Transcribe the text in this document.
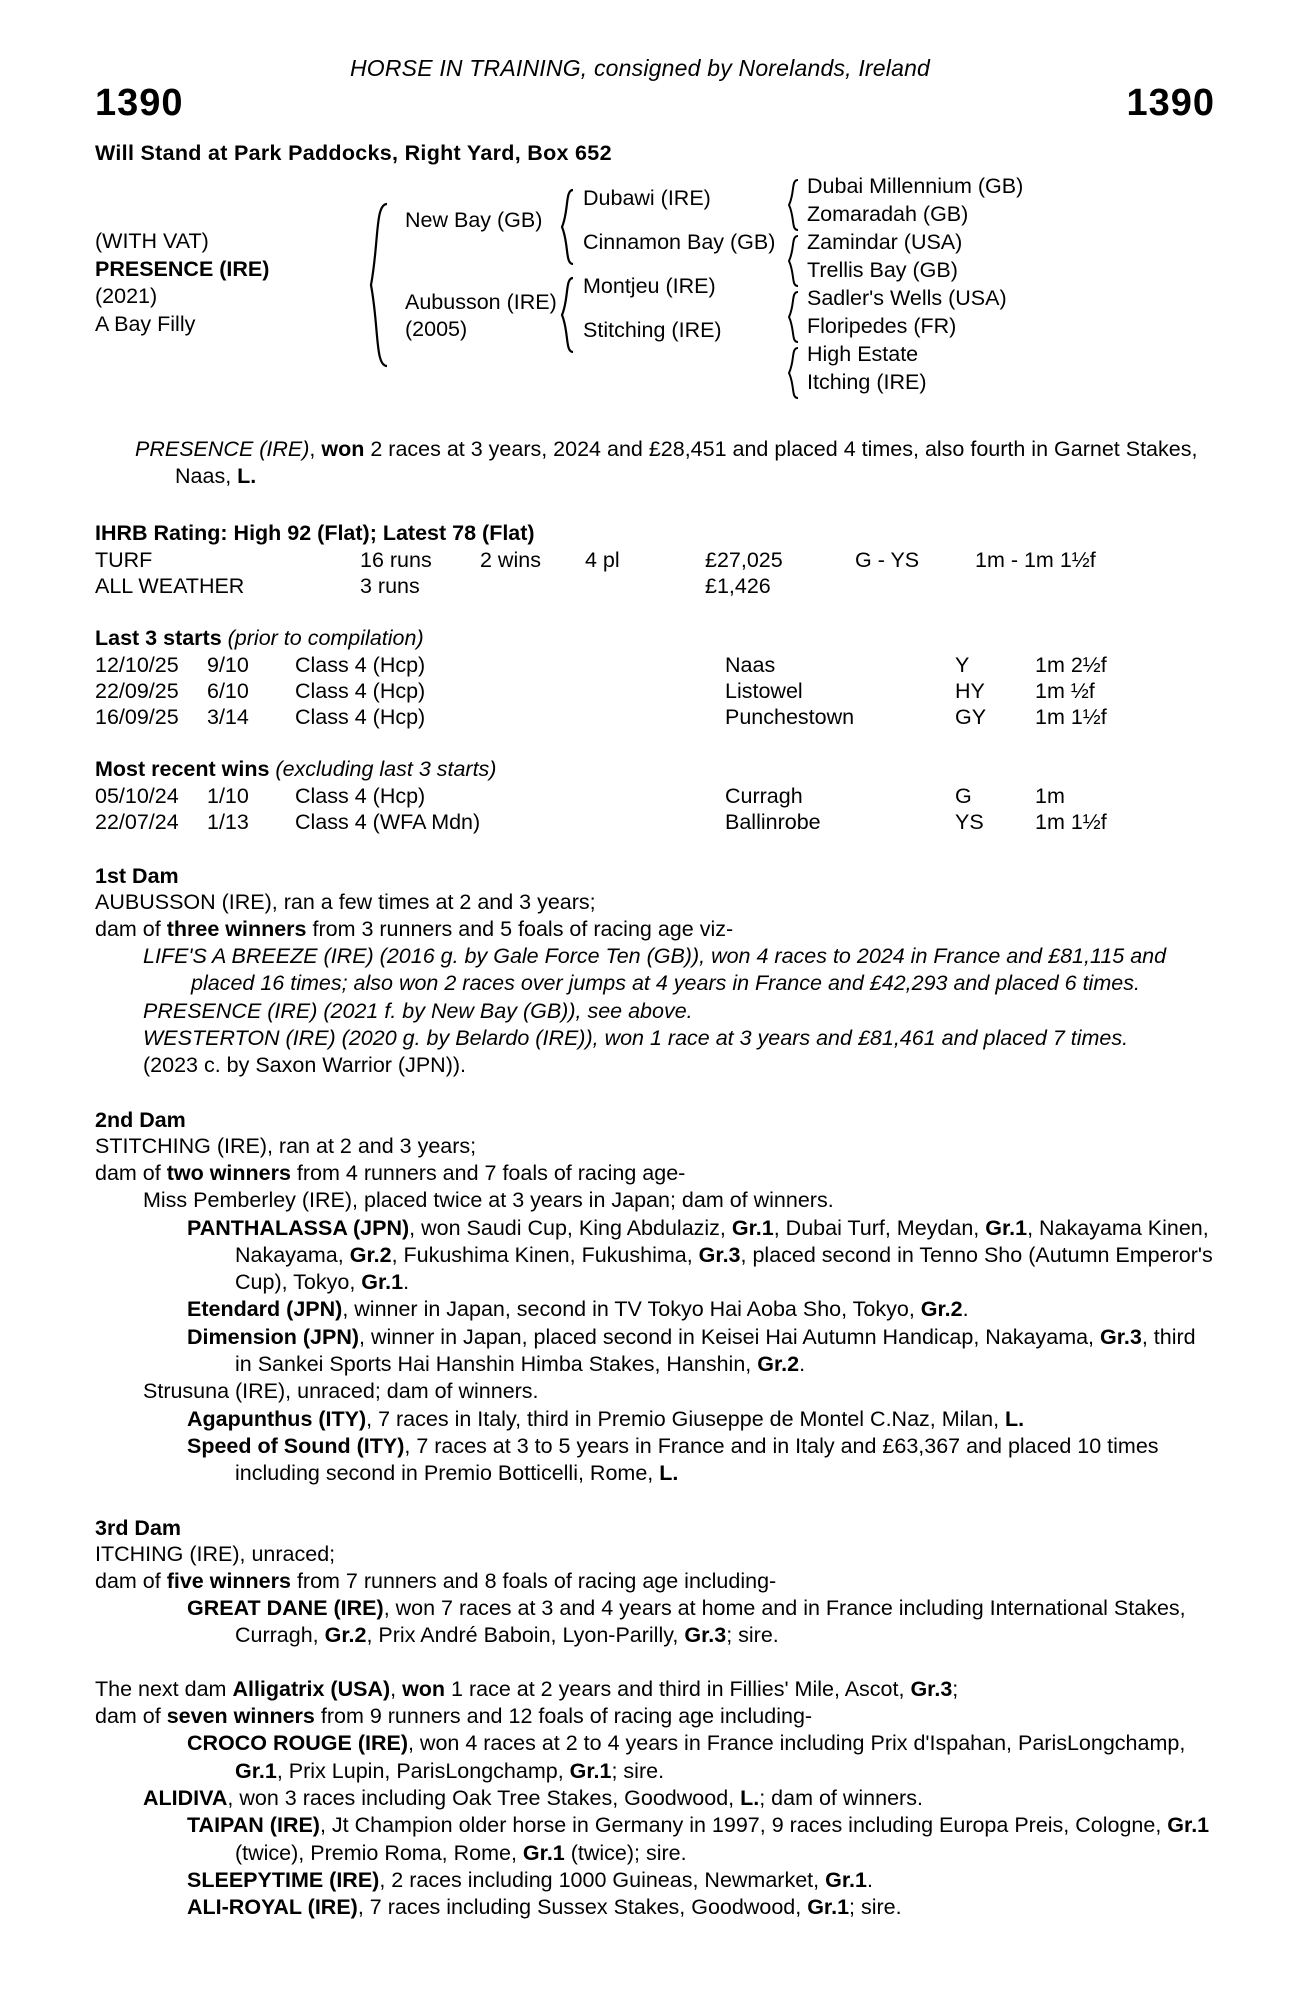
HORSE IN TRAINING, consigned by Norelands, Ireland
1390	1390
Will Stand at Park Paddocks, Right Yard, Box 652
(WITH VAT)
PRESENCE (IRE)
(2021)
A Bay Filly
New Bay (GB)
Aubusson (IRE)
(2005)
Dubawi (IRE)
Cinnamon Bay (GB)
Montjeu (IRE)
Stitching (IRE)
Dubai Millennium (GB)
Zomaradah (GB)
Zamindar (USA)
Trellis Bay (GB)
Sadler's Wells (USA)
Floripedes (FR)
High Estate
Itching (IRE)
PRESENCE (IRE), won 2 races at 3 years, 2024 and £28,451 and placed 4 times, also fourth in Garnet Stakes, Naas, L.
IHRB Rating: High 92 (Flat); Latest 78 (Flat)
TURF	16 runs	2 wins	4 pl	£27,025	G - YS	1m - 1m 1½f
ALL WEATHER	3 runs			£1,426		
Last 3 starts (prior to compilation)
12/10/25	9/10	Class 4 (Hcp)	Naas	Y	1m 2½f
22/09/25	6/10	Class 4 (Hcp)	Listowel	HY	1m ½f
16/09/25	3/14	Class 4 (Hcp)	Punchestown	GY	1m 1½f
Most recent wins (excluding last 3 starts)
05/10/24	1/10	Class 4 (Hcp)	Curragh	G	1m
22/07/24	1/13	Class 4 (WFA Mdn)	Ballinrobe	YS	1m 1½f
1st Dam
AUBUSSON (IRE), ran a few times at 2 and 3 years;
dam of three winners from 3 runners and 5 foals of racing age viz-
LIFE'S A BREEZE (IRE) (2016 g. by Gale Force Ten (GB)), won 4 races to 2024 in France and £81,115 and placed 16 times; also won 2 races over jumps at 4 years in France and £42,293 and placed 6 times.
PRESENCE (IRE) (2021 f. by New Bay (GB)), see above.
WESTERTON (IRE) (2020 g. by Belardo (IRE)), won 1 race at 3 years and £81,461 and placed 7 times.
(2023 c. by Saxon Warrior (JPN)).
2nd Dam
STITCHING (IRE), ran at 2 and 3 years;
dam of two winners from 4 runners and 7 foals of racing age-
Miss Pemberley (IRE), placed twice at 3 years in Japan; dam of winners.
PANTHALASSA (JPN), won Saudi Cup, King Abdulaziz, Gr.1, Dubai Turf, Meydan, Gr.1, Nakayama Kinen, Nakayama, Gr.2, Fukushima Kinen, Fukushima, Gr.3, placed second in Tenno Sho (Autumn Emperor's Cup), Tokyo, Gr.1.
Etendard (JPN), winner in Japan, second in TV Tokyo Hai Aoba Sho, Tokyo, Gr.2.
Dimension (JPN), winner in Japan, placed second in Keisei Hai Autumn Handicap, Nakayama, Gr.3, third in Sankei Sports Hai Hanshin Himba Stakes, Hanshin, Gr.2.
Strusuna (IRE), unraced; dam of winners.
Agapunthus (ITY), 7 races in Italy, third in Premio Giuseppe de Montel C.Naz, Milan, L.
Speed of Sound (ITY), 7 races at 3 to 5 years in France and in Italy and £63,367 and placed 10 times including second in Premio Botticelli, Rome, L.
3rd Dam
ITCHING (IRE), unraced;
dam of five winners from 7 runners and 8 foals of racing age including-
GREAT DANE (IRE), won 7 races at 3 and 4 years at home and in France including International Stakes, Curragh, Gr.2, Prix André Baboin, Lyon-Parilly, Gr.3; sire.
The next dam Alligatrix (USA), won 1 race at 2 years and third in Fillies' Mile, Ascot, Gr.3;
dam of seven winners from 9 runners and 12 foals of racing age including-
CROCO ROUGE (IRE), won 4 races at 2 to 4 years in France including Prix d'Ispahan, ParisLongchamp, Gr.1, Prix Lupin, ParisLongchamp, Gr.1; sire.
ALIDIVA, won 3 races including Oak Tree Stakes, Goodwood, L.; dam of winners.
TAIPAN (IRE), Jt Champion older horse in Germany in 1997, 9 races including Europa Preis, Cologne, Gr.1 (twice), Premio Roma, Rome, Gr.1 (twice); sire.
SLEEPYTIME (IRE), 2 races including 1000 Guineas, Newmarket, Gr.1.
ALI-ROYAL (IRE), 7 races including Sussex Stakes, Goodwood, Gr.1; sire.
